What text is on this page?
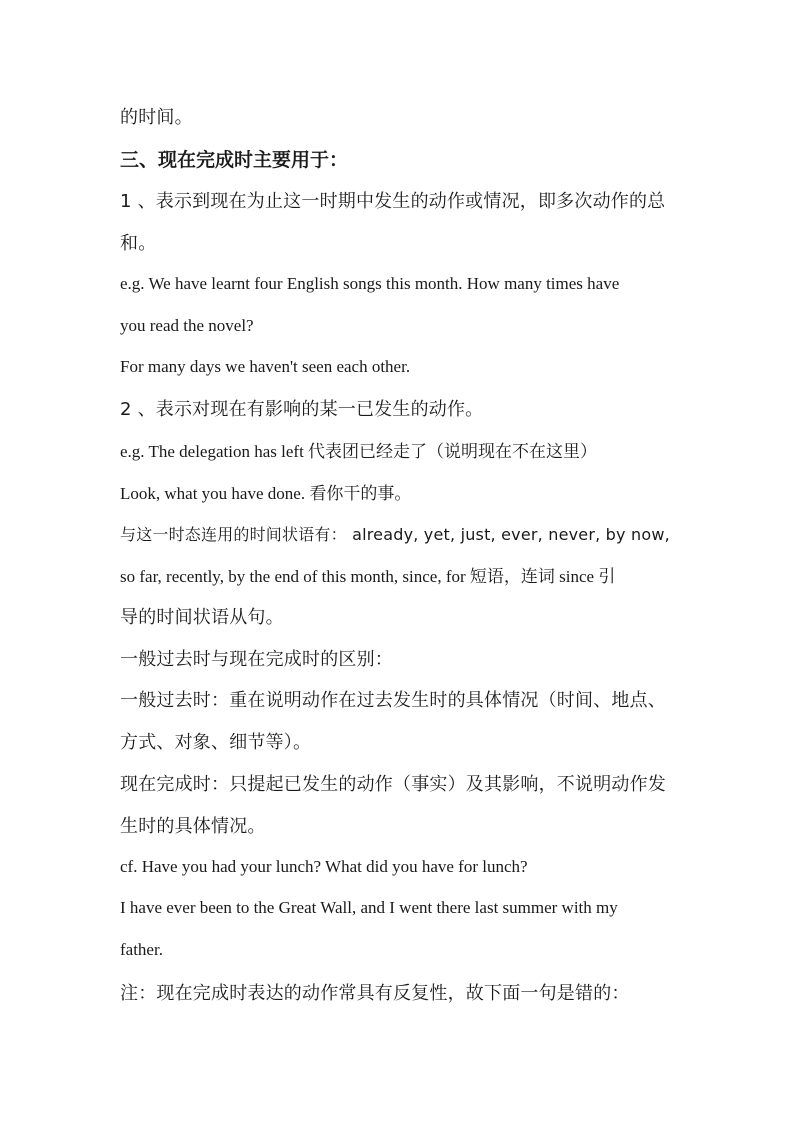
的时间。
三、现在完成时主要用于：
1 、表示到现在为止这一时期中发生的动作或情况，即多次动作的总
和。
e.g. We have learnt four English songs this month. How many times have
you read the novel?
For many days we haven't seen each other.
2 、表示对现在有影响的某一已发生的动作。
e.g. The delegation has left 代表团已经走了（说明现在不在这里）
Look, what you have done. 看你干的事。
与这一时态连用的时间状语有： already, yet, just, ever, never, by now,
so far, recently, by the end of this month, since, for 短语，连词 since 引
导的时间状语从句。
一般过去时与现在完成时的区别：
一般过去时：重在说明动作在过去发生时的具体情况（时间、地点、
方式、对象、细节等）。
现在完成时：只提起已发生的动作（事实）及其影响，不说明动作发
生时的具体情况。
cf. Have you had your lunch? What did you have for lunch?
I have ever been to the Great Wall, and I went there last summer with my
father.
注：现在完成时表达的动作常具有反复性，故下面一句是错的：
